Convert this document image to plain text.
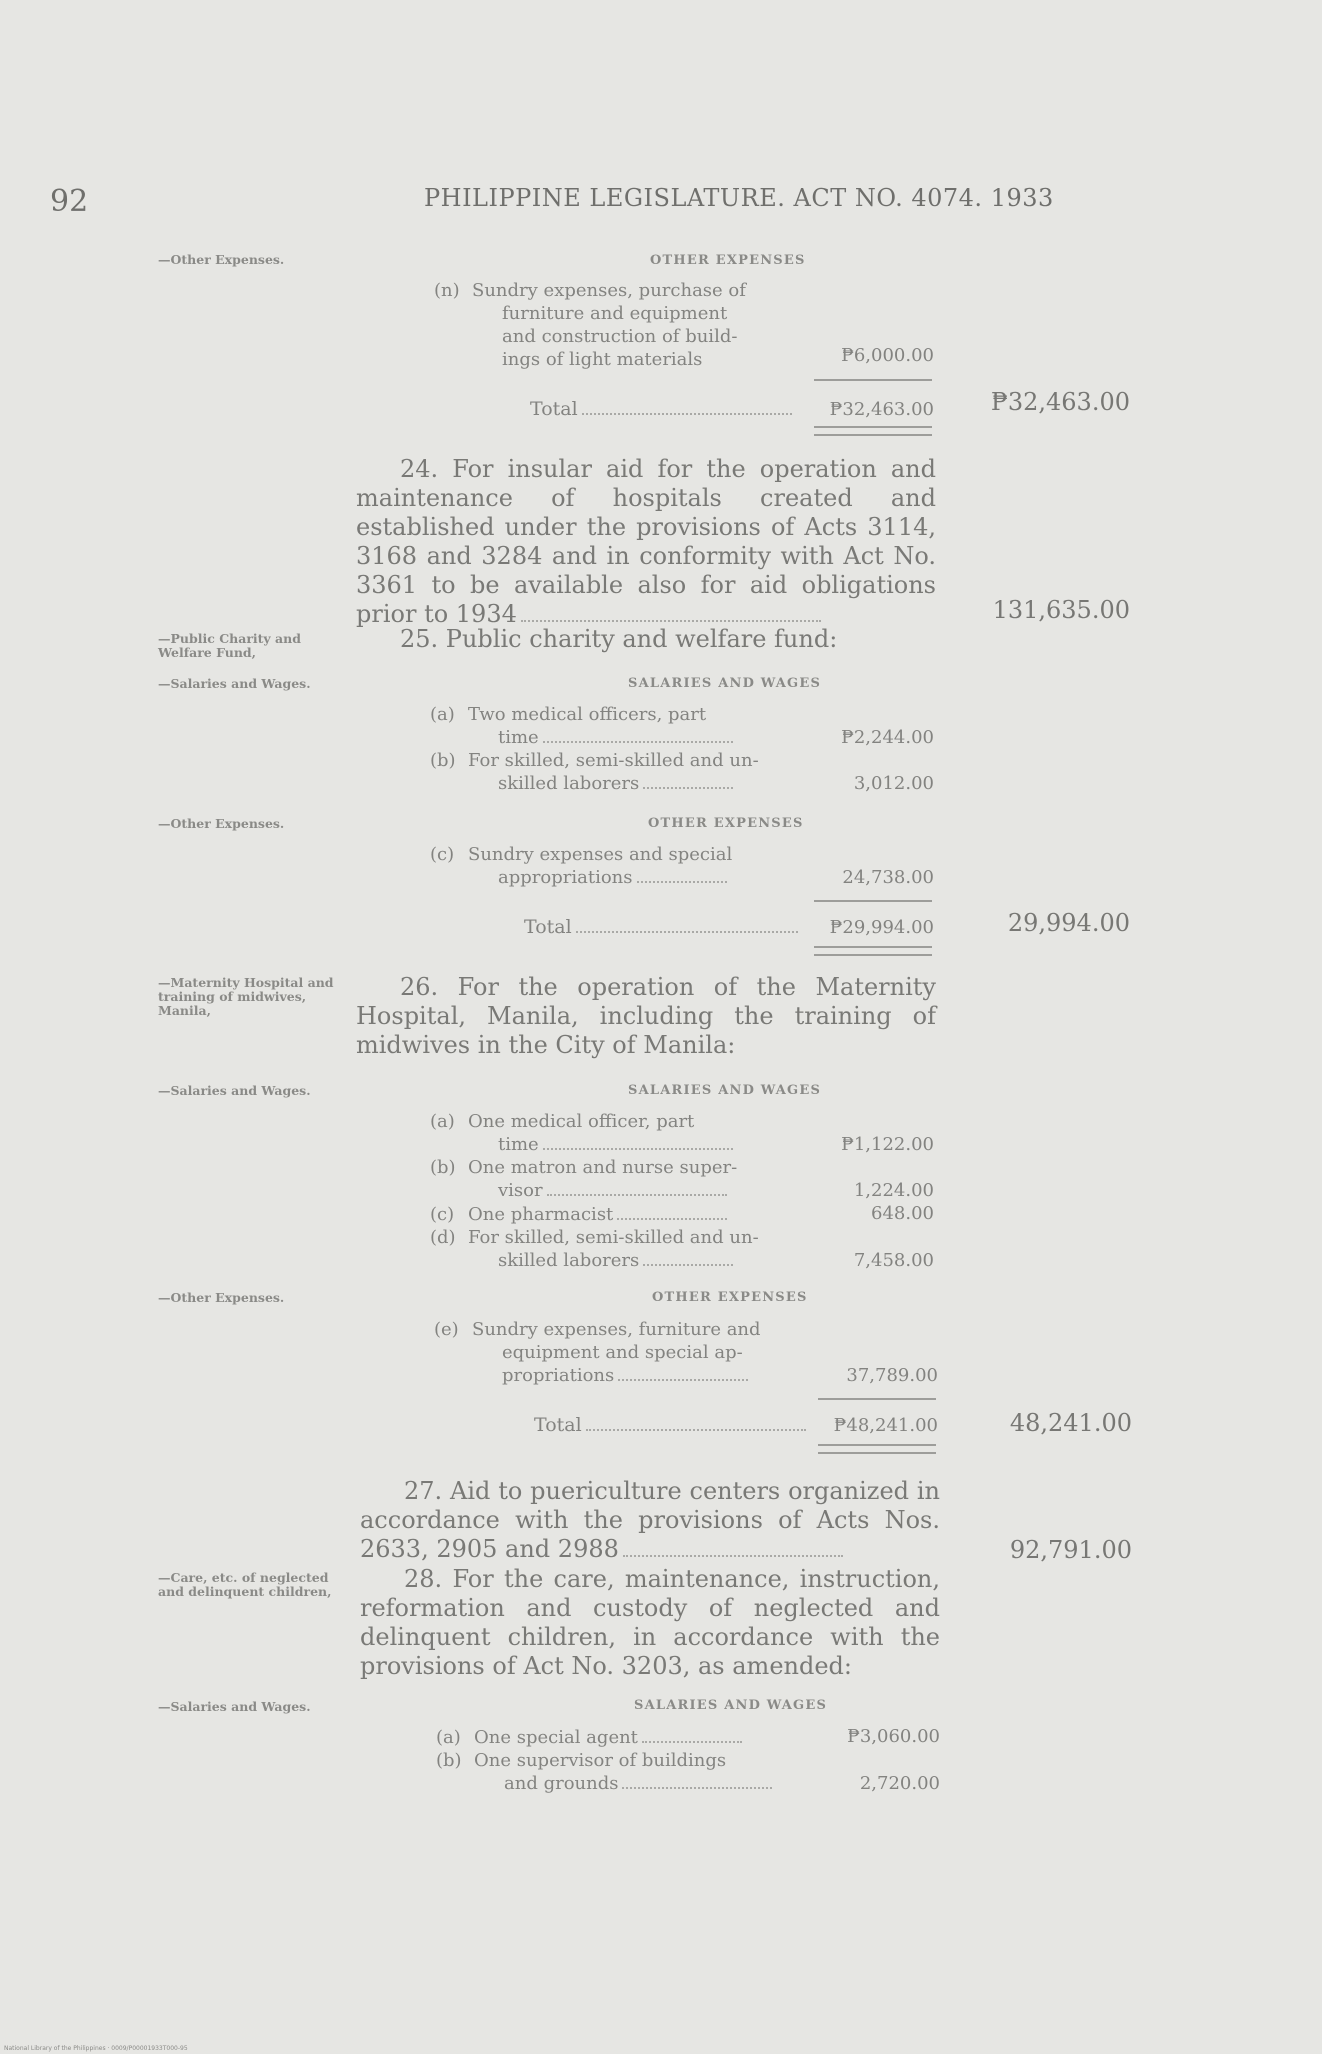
92	PHILIPPINE LEGISLATURE. ACT NO. 4074. 1933
—Other Expenses.	OTHER EXPENSES
(n) Sundry expenses, purchase of
furniture and equipment
and construction of build-
ings of light materials	₱6,000.00
Total	₱32,463.00	₱32,463.00
24. For insular aid for the operation and maintenance of hospitals created and established under the provisions of Acts 3114, 3168 and 3284 and in conformity with Act No. 3361 to be available also for aid obligations prior to 1934	131,635.00
—Public Charity and Welfare Fund,	25. Public charity and welfare fund:
—Salaries and Wages.	SALARIES AND WAGES
(a) Two medical officers, part
time	₱2,244.00
(b) For skilled, semi-skilled and un-
skilled laborers	3,012.00
—Other Expenses.	OTHER EXPENSES
(c) Sundry expenses and special
appropriations	24,738.00
Total	₱29,994.00	29,994.00
—Maternity Hospital and training of midwives, Manila,
26. For the operation of the Maternity Hospital, Manila, including the training of midwives in the City of Manila:
—Salaries and Wages.	SALARIES AND WAGES
(a) One medical officer, part
time	₱1,122.00
(b) One matron and nurse super-
visor	1,224.00
(c) One pharmacist	648.00
(d) For skilled, semi-skilled and un-
skilled laborers	7,458.00
—Other Expenses.	OTHER EXPENSES
(e) Sundry expenses, furniture and
equipment and special ap-
propriations	37,789.00
Total	₱48,241.00	48,241.00
27. Aid to puericulture centers organized in accordance with the provisions of Acts Nos. 2633, 2905 and 2988	92,791.00
—Care, etc. of neglected and delinquent children,	28. For the care, maintenance, instruction, reformation and custody of neglected and delinquent children, in accordance with the provisions of Act No. 3203, as amended:
—Salaries and Wages.	SALARIES AND WAGES
(a) One special agent	₱3,060.00
(b) One supervisor of buildings
and grounds	2,720.00
National Library of the Philippines · 0009/P00001933T000-95
